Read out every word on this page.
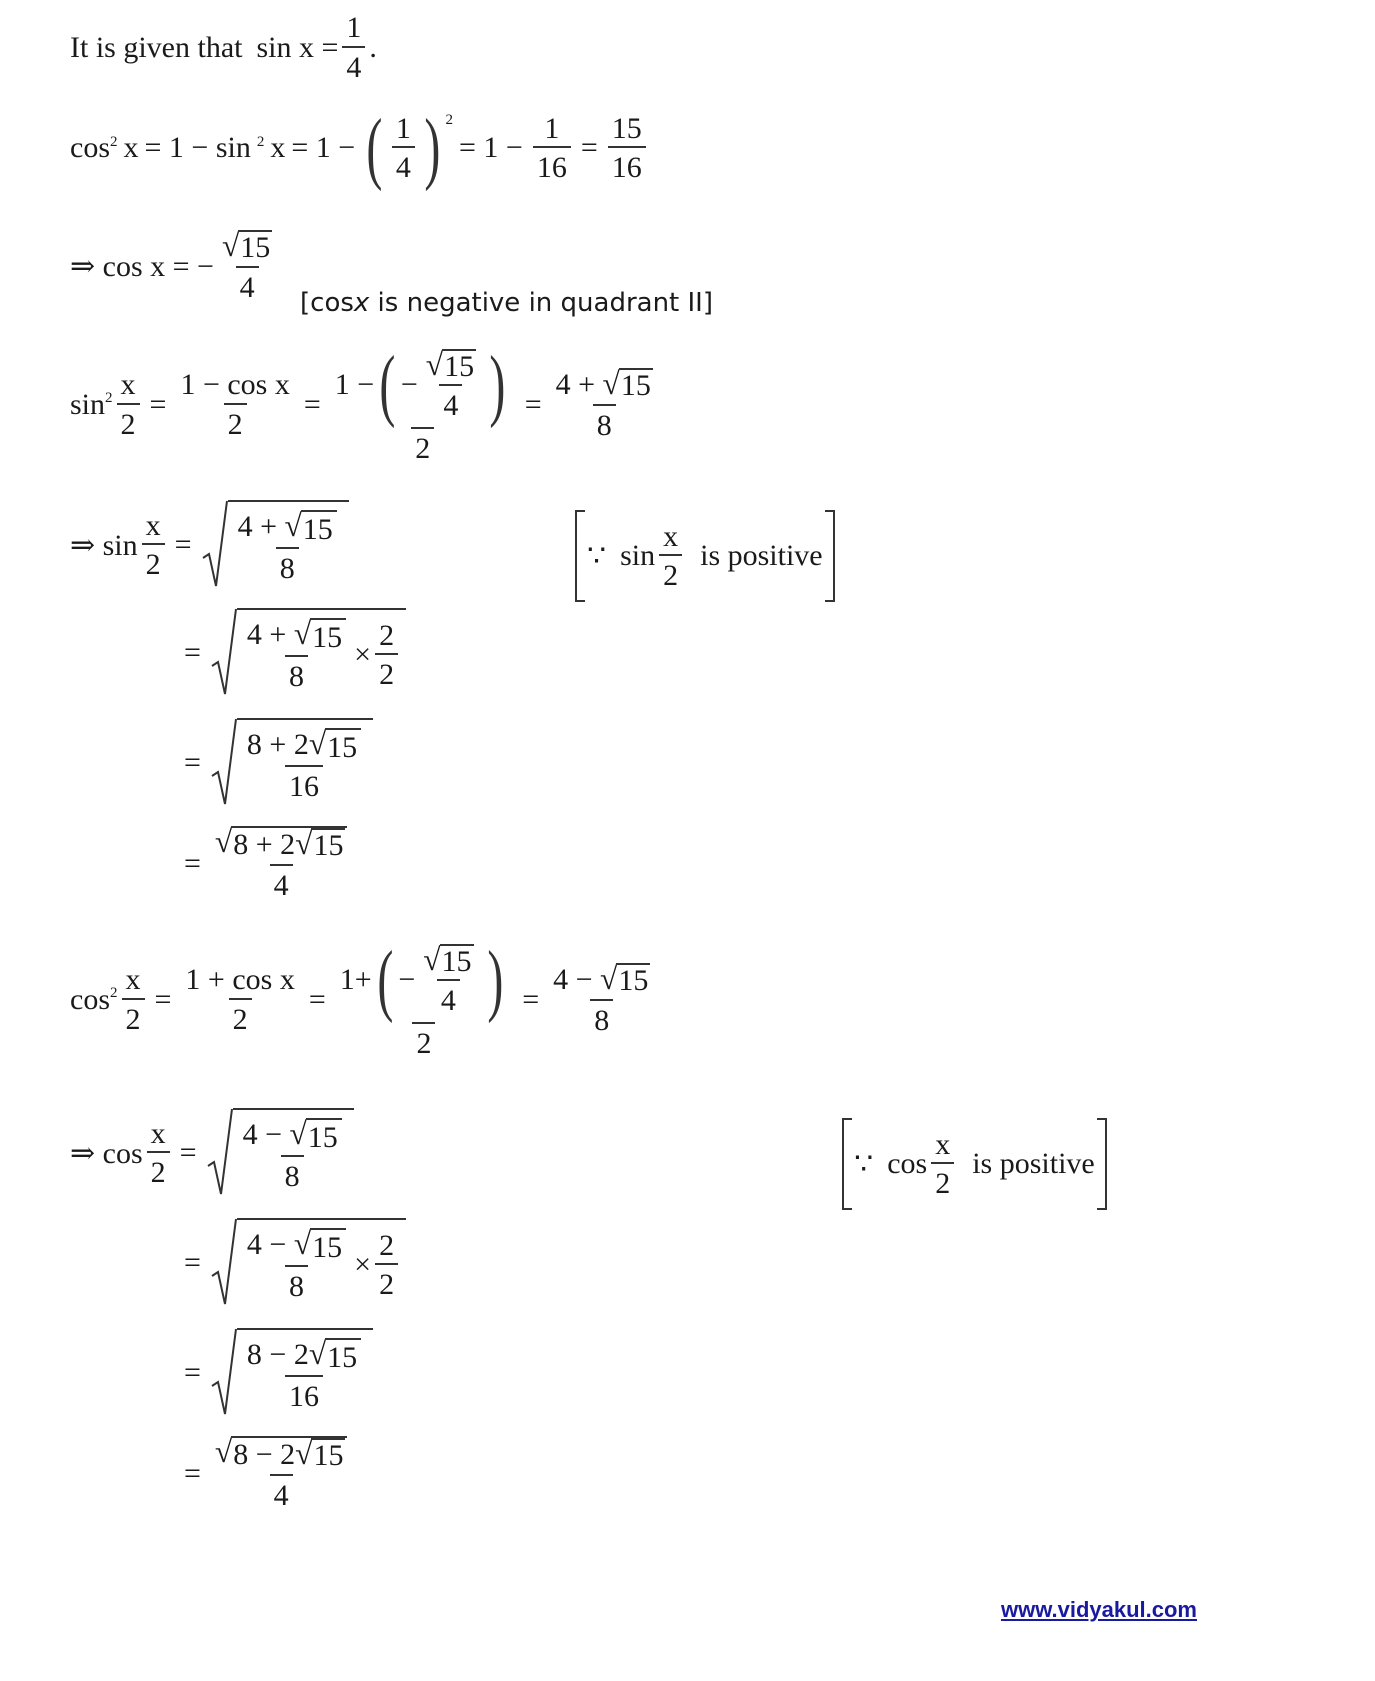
It is given that $\sin x = \frac{1}{4}$ .
$\cos^2 x = 1 - \sin ^2$ x = 1 − ( $\frac{1}{4}$ ) $^2$
= $1 - \frac{1}{16} = \frac{15}{16}$
⇒ cos x = − $\frac{√ 15}{4} [\cos$ x is negative in quadrant II]
$\sin^2 \frac{x}{2} = \frac{\text{1 − cos x}}{2}$ =
1 − ( − $\frac{√ 15}{4}$ )
2
= $\frac{4 + √ 15}{8}$
⇒ $\sin \frac{x}{2} = \frac{4 + √ 15}{8}$	∵ $\sin \frac{x}{2}$ is positive

= $\frac{4 + √ 15}{8} \times \frac{2}{2}$
= $\frac{8 + 2 √ 15}{16}$
= $\frac{√ 8 + 2 √ 15}{4}$
$\cos^2 \frac{x}{2} = \frac{\text{1 + cos x}}{2}$ =
1+ ( − $\frac{√ 15}{4}$ )
2
= $\frac{4 - √ 15}{8}$
⇒ $\cos \frac{x}{2} = \frac{4 - √ 15}{8}$	∵ $\cos \frac{x}{2}$ is positive
= $\frac{4 - √ 15}{8} \times \frac{2}{2}$
= $\frac{8 - 2 √ 15}{16}$
= $\frac{√ 8 - 2 √ 15}{4}$
www.vidyakul.com
